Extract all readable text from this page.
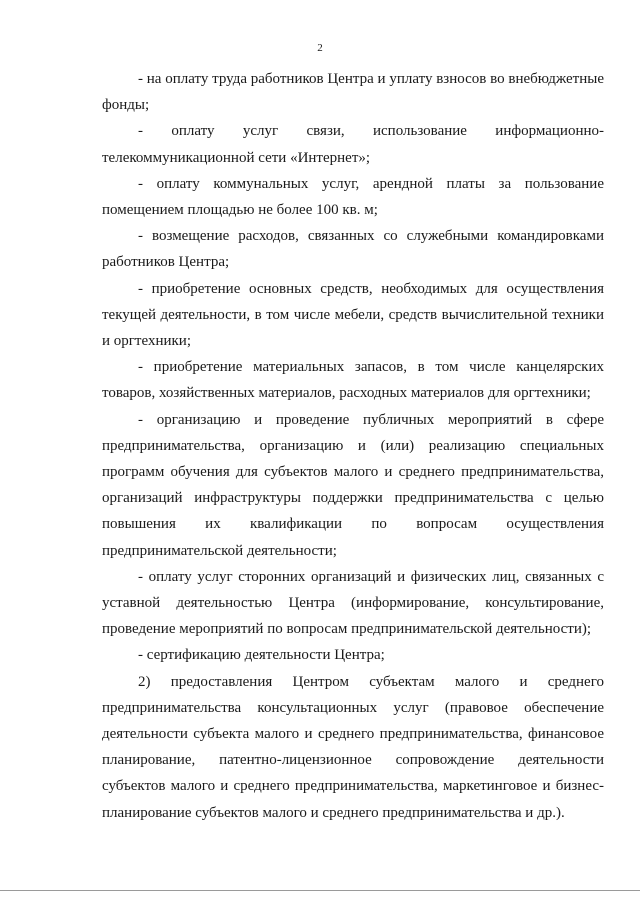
2

- на оплату труда работников Центра и уплату взносов во внебюджетные фонды;

- оплату услуг связи, использование информационно-телекоммуникационной сети «Интернет»;

- оплату коммунальных услуг, арендной платы за пользование помещением площадью не более 100 кв. м;

- возмещение расходов, связанных со служебными командировками работников Центра;

- приобретение основных средств, необходимых для осуществления текущей деятельности, в том числе мебели, средств вычислительной техники и оргтехники;

- приобретение материальных запасов, в том числе канцелярских товаров, хозяйственных материалов, расходных материалов для оргтехники;

- организацию и проведение публичных мероприятий в сфере предпринимательства, организацию и (или) реализацию специальных программ обучения для субъектов малого и среднего предпринимательства, организаций инфраструктуры поддержки предпринимательства с целью повышения их квалификации по вопросам осуществления предпринимательской деятельности;

- оплату услуг сторонних организаций и физических лиц, связанных с уставной деятельностью Центра (информирование, консультирование, проведение мероприятий по вопросам предпринимательской деятельности);

- сертификацию деятельности Центра;

2) предоставления Центром субъектам малого и среднего предпринимательства консультационных услуг (правовое обеспечение деятельности субъекта малого и среднего предпринимательства, финансовое планирование, патентно-лицензионное сопровождение деятельности субъектов малого и среднего предпринимательства, маркетинговое и бизнес-планирование субъектов малого и среднего предпринимательства и др.).
